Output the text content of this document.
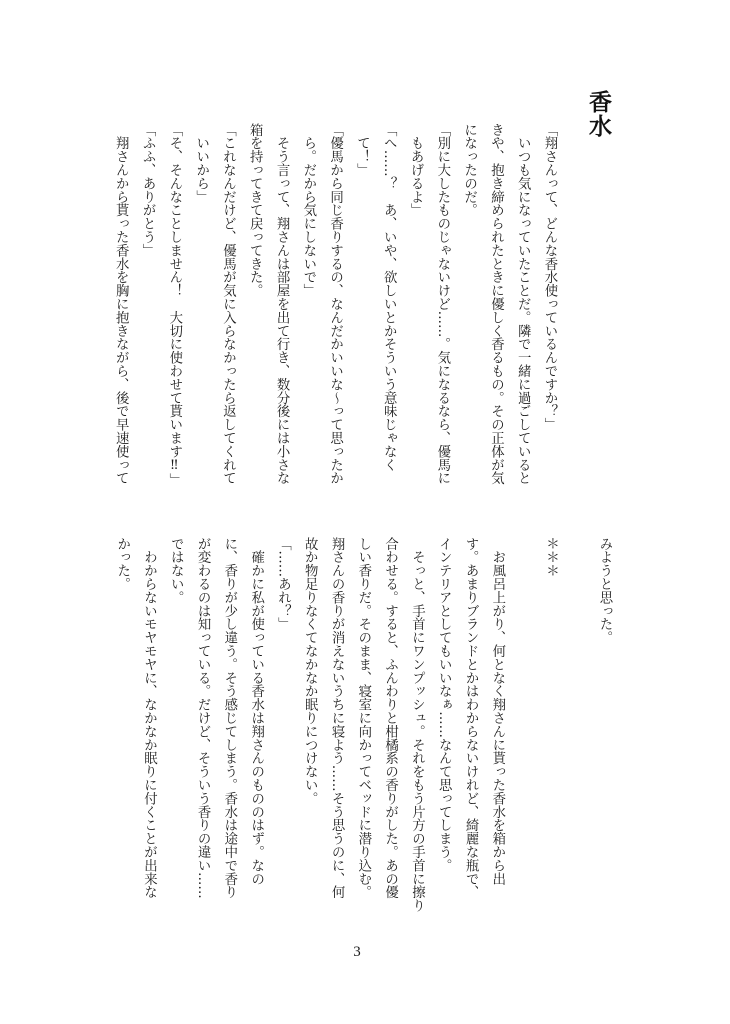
香水
「翔さんって、どんな香水使っているんですか？」
　いつも気になっていたことだ。隣で一緒に過ごしていると
きや、抱き締められたときに優しく香るもの。その正体が気
になったのだ。
「別に大したものじゃないけど……。気になるなら、優馬に
　もあげるよ」
「へ……？　あ、いや、欲しいとかそういう意味じゃなく
　て！」
「優馬から同じ香りするの、なんだかいいな～って思ったか
　ら。だから気にしないで」
　そう言って、翔さんは部屋を出て行き、数分後には小さな
箱を持ってきて戻ってきた。
「これなんだけど、優馬が気に入らなかったら返してくれて
　いいから」
「そ、そんなことしません！　大切に使わせて貰います‼」
「ふふ、ありがとう」
　翔さんから貰った香水を胸に抱きながら、後で早速使って
みようと思った。

＊＊＊

　お風呂上がり、何となく翔さんに貰った香水を箱から出
す。あまりブランドとかはわからないけれど、綺麗な瓶で、
インテリアとしてもいいなぁ……なんて思ってしまう。
　そっと、手首にワンプッシュ。それをもう片方の手首に擦り
合わせる。すると、ふんわりと柑橘系の香りがした。あの優
しい香りだ。そのまま、寝室に向かってベッドに潜り込む。
翔さんの香りが消えないうちに寝よう……そう思うのに、何
故か物足りなくてなかなか眠りにつけない。
「……あれ？」
　確かに私が使っている香水は翔さんのもののはず。なの
に、香りが少し違う。そう感じてしまう。香水は途中で香り
が変わるのは知っている。だけど、そういう香りの違い……
ではない。
　わからないモヤモヤに、なかなか眠りに付くことが出来な
かった。
3
